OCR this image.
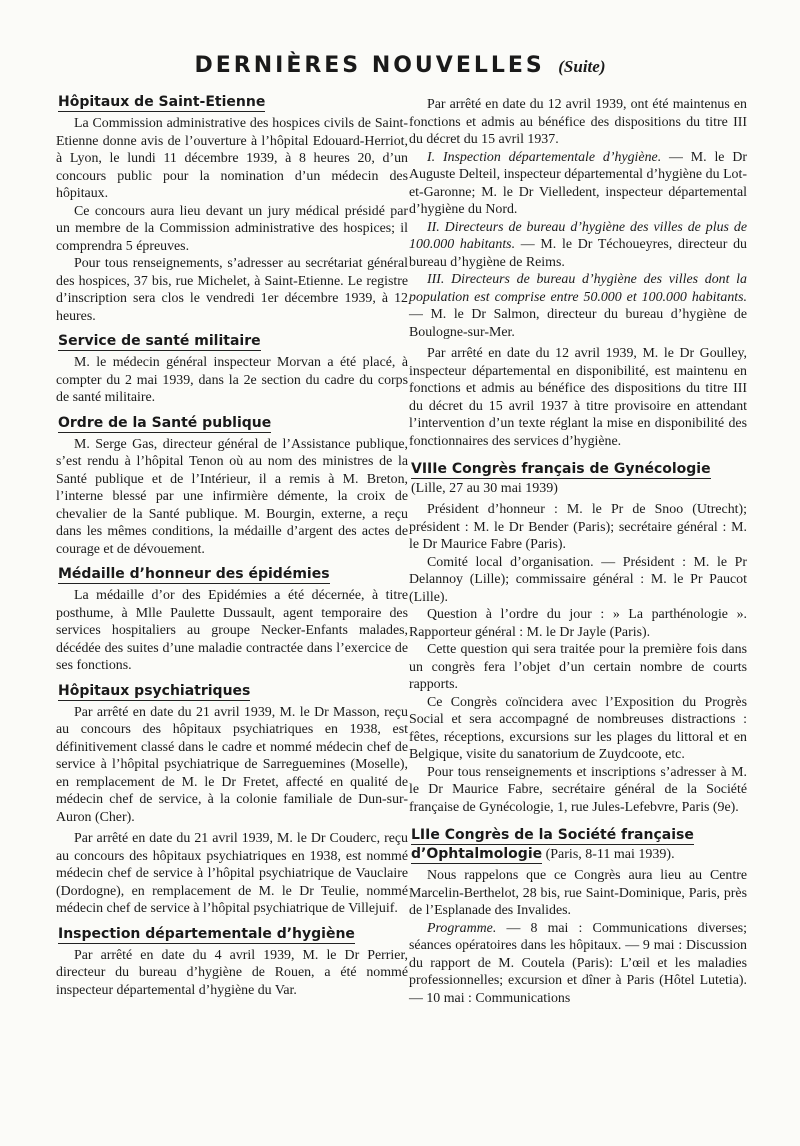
DERNIÈRES NOUVELLES (Suite)
Hôpitaux de Saint-Etienne

La Commission administrative des hospices civils de Saint-Etienne donne avis de l’ouverture à l’hôpital Edouard-Herriot, à Lyon, le lundi 11 décembre 1939, à 8 heures 20, d’un concours public pour la nomination d’un médecin des hôpitaux.

Ce concours aura lieu devant un jury médical présidé par un membre de la Commission administrative des hospices; il comprendra 5 épreuves.

Pour tous renseignements, s’adresser au secrétariat général des hospices, 37 bis, rue Michelet, à Saint-Etienne. Le registre d’inscription sera clos le vendredi 1er décembre 1939, à 12 heures.

Service de santé militaire

M. le médecin général inspecteur Morvan a été placé, à compter du 2 mai 1939, dans la 2e section du cadre du corps de santé militaire.

Ordre de la Santé publique

M. Serge Gas, directeur général de l’Assistance publique, s’est rendu à l’hôpital Tenon où au nom des ministres de la Santé publique et de l’Intérieur, il a remis à M. Breton, l’interne blessé par une infirmière démente, la croix de chevalier de la Santé publique. M. Bourgin, externe, a reçu dans les mêmes conditions, la médaille d’argent des actes de courage et de dévouement.

Médaille d’honneur des épidémies

La médaille d’or des Epidémies a été décernée, à titre posthume, à Mlle Paulette Dussault, agent temporaire des services hospitaliers au groupe Necker-Enfants malades, décédée des suites d’une maladie contractée dans l’exercice de ses fonctions.

Hôpitaux psychiatriques

Par arrêté en date du 21 avril 1939, M. le Dr Masson, reçu au concours des hôpitaux psychiatriques en 1938, est définitivement classé dans le cadre et nommé médecin chef de service à l’hôpital psychiatrique de Sarreguemines (Moselle), en remplacement de M. le Dr Fretet, affecté en qualité de médecin chef de service, à la colonie familiale de Dun-sur-Auron (Cher).

Par arrêté en date du 21 avril 1939, M. le Dr Couderc, reçu au concours des hôpitaux psychiatriques en 1938, est nommé médecin chef de service à l’hôpital psychiatrique de Vauclaire (Dordogne), en remplacement de M. le Dr Teulie, nommé médecin chef de service à l’hôpital psychiatrique de Villejuif.

Inspection départementale d’hygiène

Par arrêté en date du 4 avril 1939, M. le Dr Perrier, directeur du bureau d’hygiène de Rouen, a été nommé inspecteur départemental d’hygiène du Var.

Par arrêté en date du 12 avril 1939, ont été maintenus en fonctions et admis au bénéfice des dispositions du titre III du décret du 15 avril 1937.

I. Inspection départementale d’hygiène. — M. le Dr Auguste Delteil, inspecteur départemental d’hygiène du Lot-et-Garonne; M. le Dr Vielledent, inspecteur départemental d’hygiène du Nord.

II. Directeurs de bureau d’hygiène des villes de plus de 100.000 habitants. — M. le Dr Téchoueyres, directeur du bureau d’hygiène de Reims.

III. Directeurs de bureau d’hygiène des villes dont la population est comprise entre 50.000 et 100.000 habitants. — M. le Dr Salmon, directeur du bureau d’hygiène de Boulogne-sur-Mer.

Par arrêté en date du 12 avril 1939, M. le Dr Goulley, inspecteur départemental en disponibilité, est maintenu en fonctions et admis au bénéfice des dispositions du titre III du décret du 15 avril 1937 à titre provisoire en attendant l’intervention d’un texte réglant la mise en disponibilité des fonctionnaires des services d’hygiène.

VIIIe Congrès français de Gynécologie (Lille, 27 au 30 mai 1939)

Président d’honneur : M. le Pr de Snoo (Utrecht); président : M. le Dr Bender (Paris); secrétaire général : M. le Dr Maurice Fabre (Paris).

Comité local d’organisation. — Président : M. le Pr Delannoy (Lille); commissaire général : M. le Pr Paucot (Lille).

Question à l’ordre du jour : » La parthénologie ». Rapporteur général : M. le Dr Jayle (Paris).

Cette question qui sera traitée pour la première fois dans un congrès fera l’objet d’un certain nombre de courts rapports.

Ce Congrès coïncidera avec l’Exposition du Progrès Social et sera accompagné de nombreuses distractions : fêtes, réceptions, excursions sur les plages du littoral et en Belgique, visite du sanatorium de Zuydcoote, etc.

Pour tous renseignements et inscriptions s’adresser à M. le Dr Maurice Fabre, secrétaire général de la Société française de Gynécologie, 1, rue Jules-Lefebvre, Paris (9e).

LIIe Congrès de la Société française d’Ophtalmologie (Paris, 8-11 mai 1939).

Nous rappelons que ce Congrès aura lieu au Centre Marcelin-Berthelot, 28 bis, rue Saint-Dominique, Paris, près de l’Esplanade des Invalides.

Programme. — 8 mai : Communications diverses; séances opératoires dans les hôpitaux. — 9 mai : Discussion du rapport de M. Coutela (Paris): L’œil et les maladies professionnelles; excursion et dîner à Paris (Hôtel Lutetia). — 10 mai : Communications
